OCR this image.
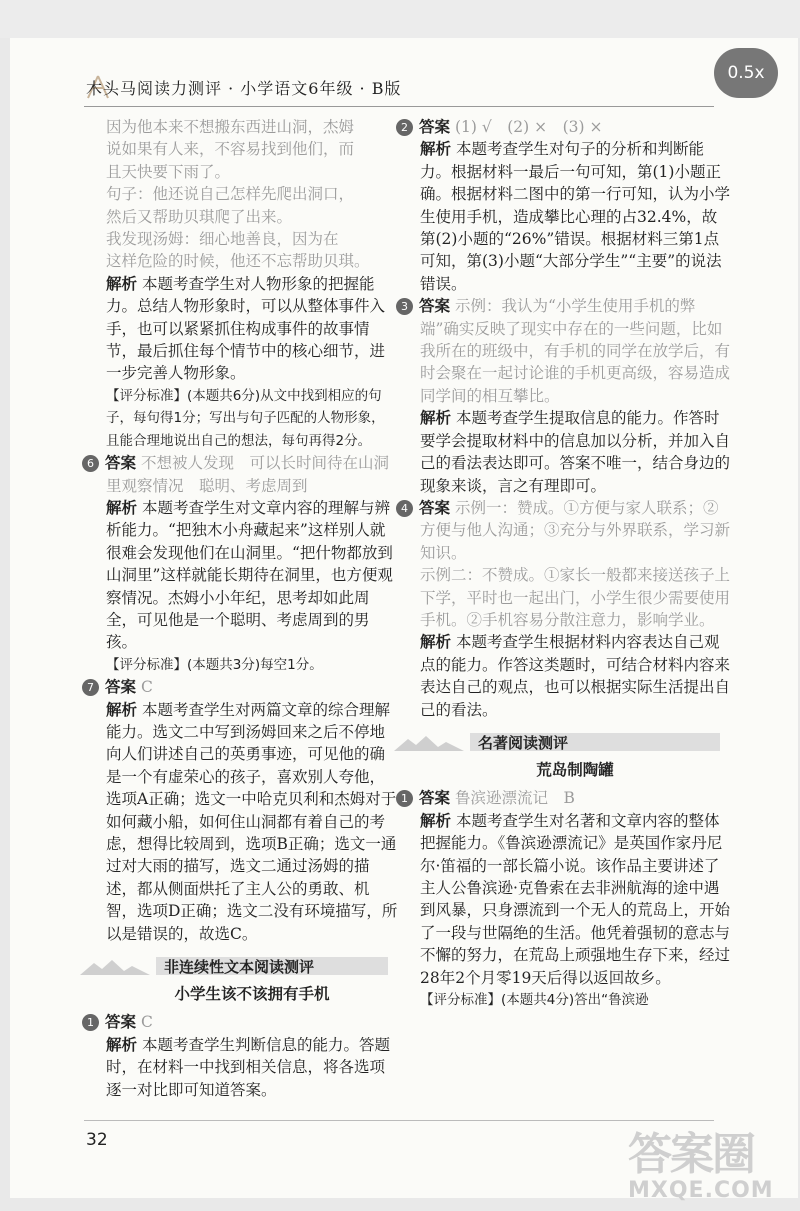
木头马阅读力测评 · 小学语文6年级 · B版
0.5x

因为他本来不想搬东西进山洞，杰姆

说如果有人来，不容易找到他们，而

且天快要下雨了。

句子：他还说自己怎样先爬出洞口，

然后又帮助贝琪爬了出来。

我发现汤姆：细心地善良，因为在

这样危险的时候，他还不忘帮助贝琪。

解析 本题考查学生对人物形象的把握能力。总结人物形象时，可以从整体事件入手，也可以紧紧抓住构成事件的故事情节，最后抓住每个情节中的核心细节，进一步完善人物形象。

【评分标准】(本题共6分)从文中找到相应的句子，每句得1分；写出与句子匹配的人物形象，且能合理地说出自己的想法，每句再得2分。

6 答案 不想被人发现　可以长时间待在山洞里观察情况　聪明、考虑周到

解析 本题考查学生对文章内容的理解与辨析能力。“把独木小舟藏起来”这样别人就很难会发现他们在山洞里。“把什物都放到山洞里”这样就能长期待在洞里，也方便观察情况。杰姆小小年纪，思考却如此周全，可见他是一个聪明、考虑周到的男孩。

【评分标准】(本题共3分)每空1分。

7 答案 C

解析 本题考查学生对两篇文章的综合理解能力。选文二中写到汤姆回来之后不停地向人们讲述自己的英勇事迹，可见他的确是一个有虚荣心的孩子，喜欢别人夸他，选项A正确；选文一中哈克贝利和杰姆对于如何藏小船，如何住山洞都有着自己的考虑，想得比较周到，选项B正确；选文一通过对大雨的描写，选文二通过汤姆的描述，都从侧面烘托了主人公的勇敢、机智，选项D正确；选文二没有环境描写，所以是错误的，故选C。

非连续性文本阅读测评
小学生该不该拥有手机

1 答案 C

解析 本题考查学生判断信息的能力。答题时，在材料一中找到相关信息，将各选项逐一对比即可知道答案。

2 答案 (1) √　(2) ×　(3) ×

解析 本题考查学生对句子的分析和判断能力。根据材料一最后一句可知，第(1)小题正确。根据材料二图中的第一行可知，认为小学生使用手机，造成攀比心理的占32.4%，故第(2)小题的“26%”错误。根据材料三第1点可知，第(3)小题“大部分学生”“主要”的说法错误。

3 答案 示例：我认为“小学生使用手机的弊端”确实反映了现实中存在的一些问题，比如我所在的班级中，有手机的同学在放学后，有时会聚在一起讨论谁的手机更高级，容易造成同学间的相互攀比。

解析 本题考查学生提取信息的能力。作答时要学会提取材料中的信息加以分析，并加入自己的看法表达即可。答案不唯一，结合身边的现象来谈，言之有理即可。

4 答案 示例一：赞成。①方便与家人联系；②方便与他人沟通；③充分与外界联系，学习新知识。

示例二：不赞成。①家长一般都来接送孩子上下学，平时也一起出门，小学生很少需要使用手机。②手机容易分散注意力，影响学业。

解析 本题考查学生根据材料内容表达自己观点的能力。作答这类题时，可结合材料内容来表达自己的观点，也可以根据实际生活提出自己的看法。

名著阅读测评
荒岛制陶罐

1 答案 鲁滨逊漂流记　B

解析 本题考查学生对名著和文章内容的整体把握能力。《鲁滨逊漂流记》是英国作家丹尼尔·笛福的一部长篇小说。该作品主要讲述了主人公鲁滨逊·克鲁索在去非洲航海的途中遇到风暴，只身漂流到一个无人的荒岛上，开始了一段与世隔绝的生活。他凭着强韧的意志与不懈的努力，在荒岛上顽强地生存下来，经过28年2个月零19天后得以返回故乡。

【评分标准】(本题共4分)答出“鲁滨逊

32	答案圈
MXQE.COM
